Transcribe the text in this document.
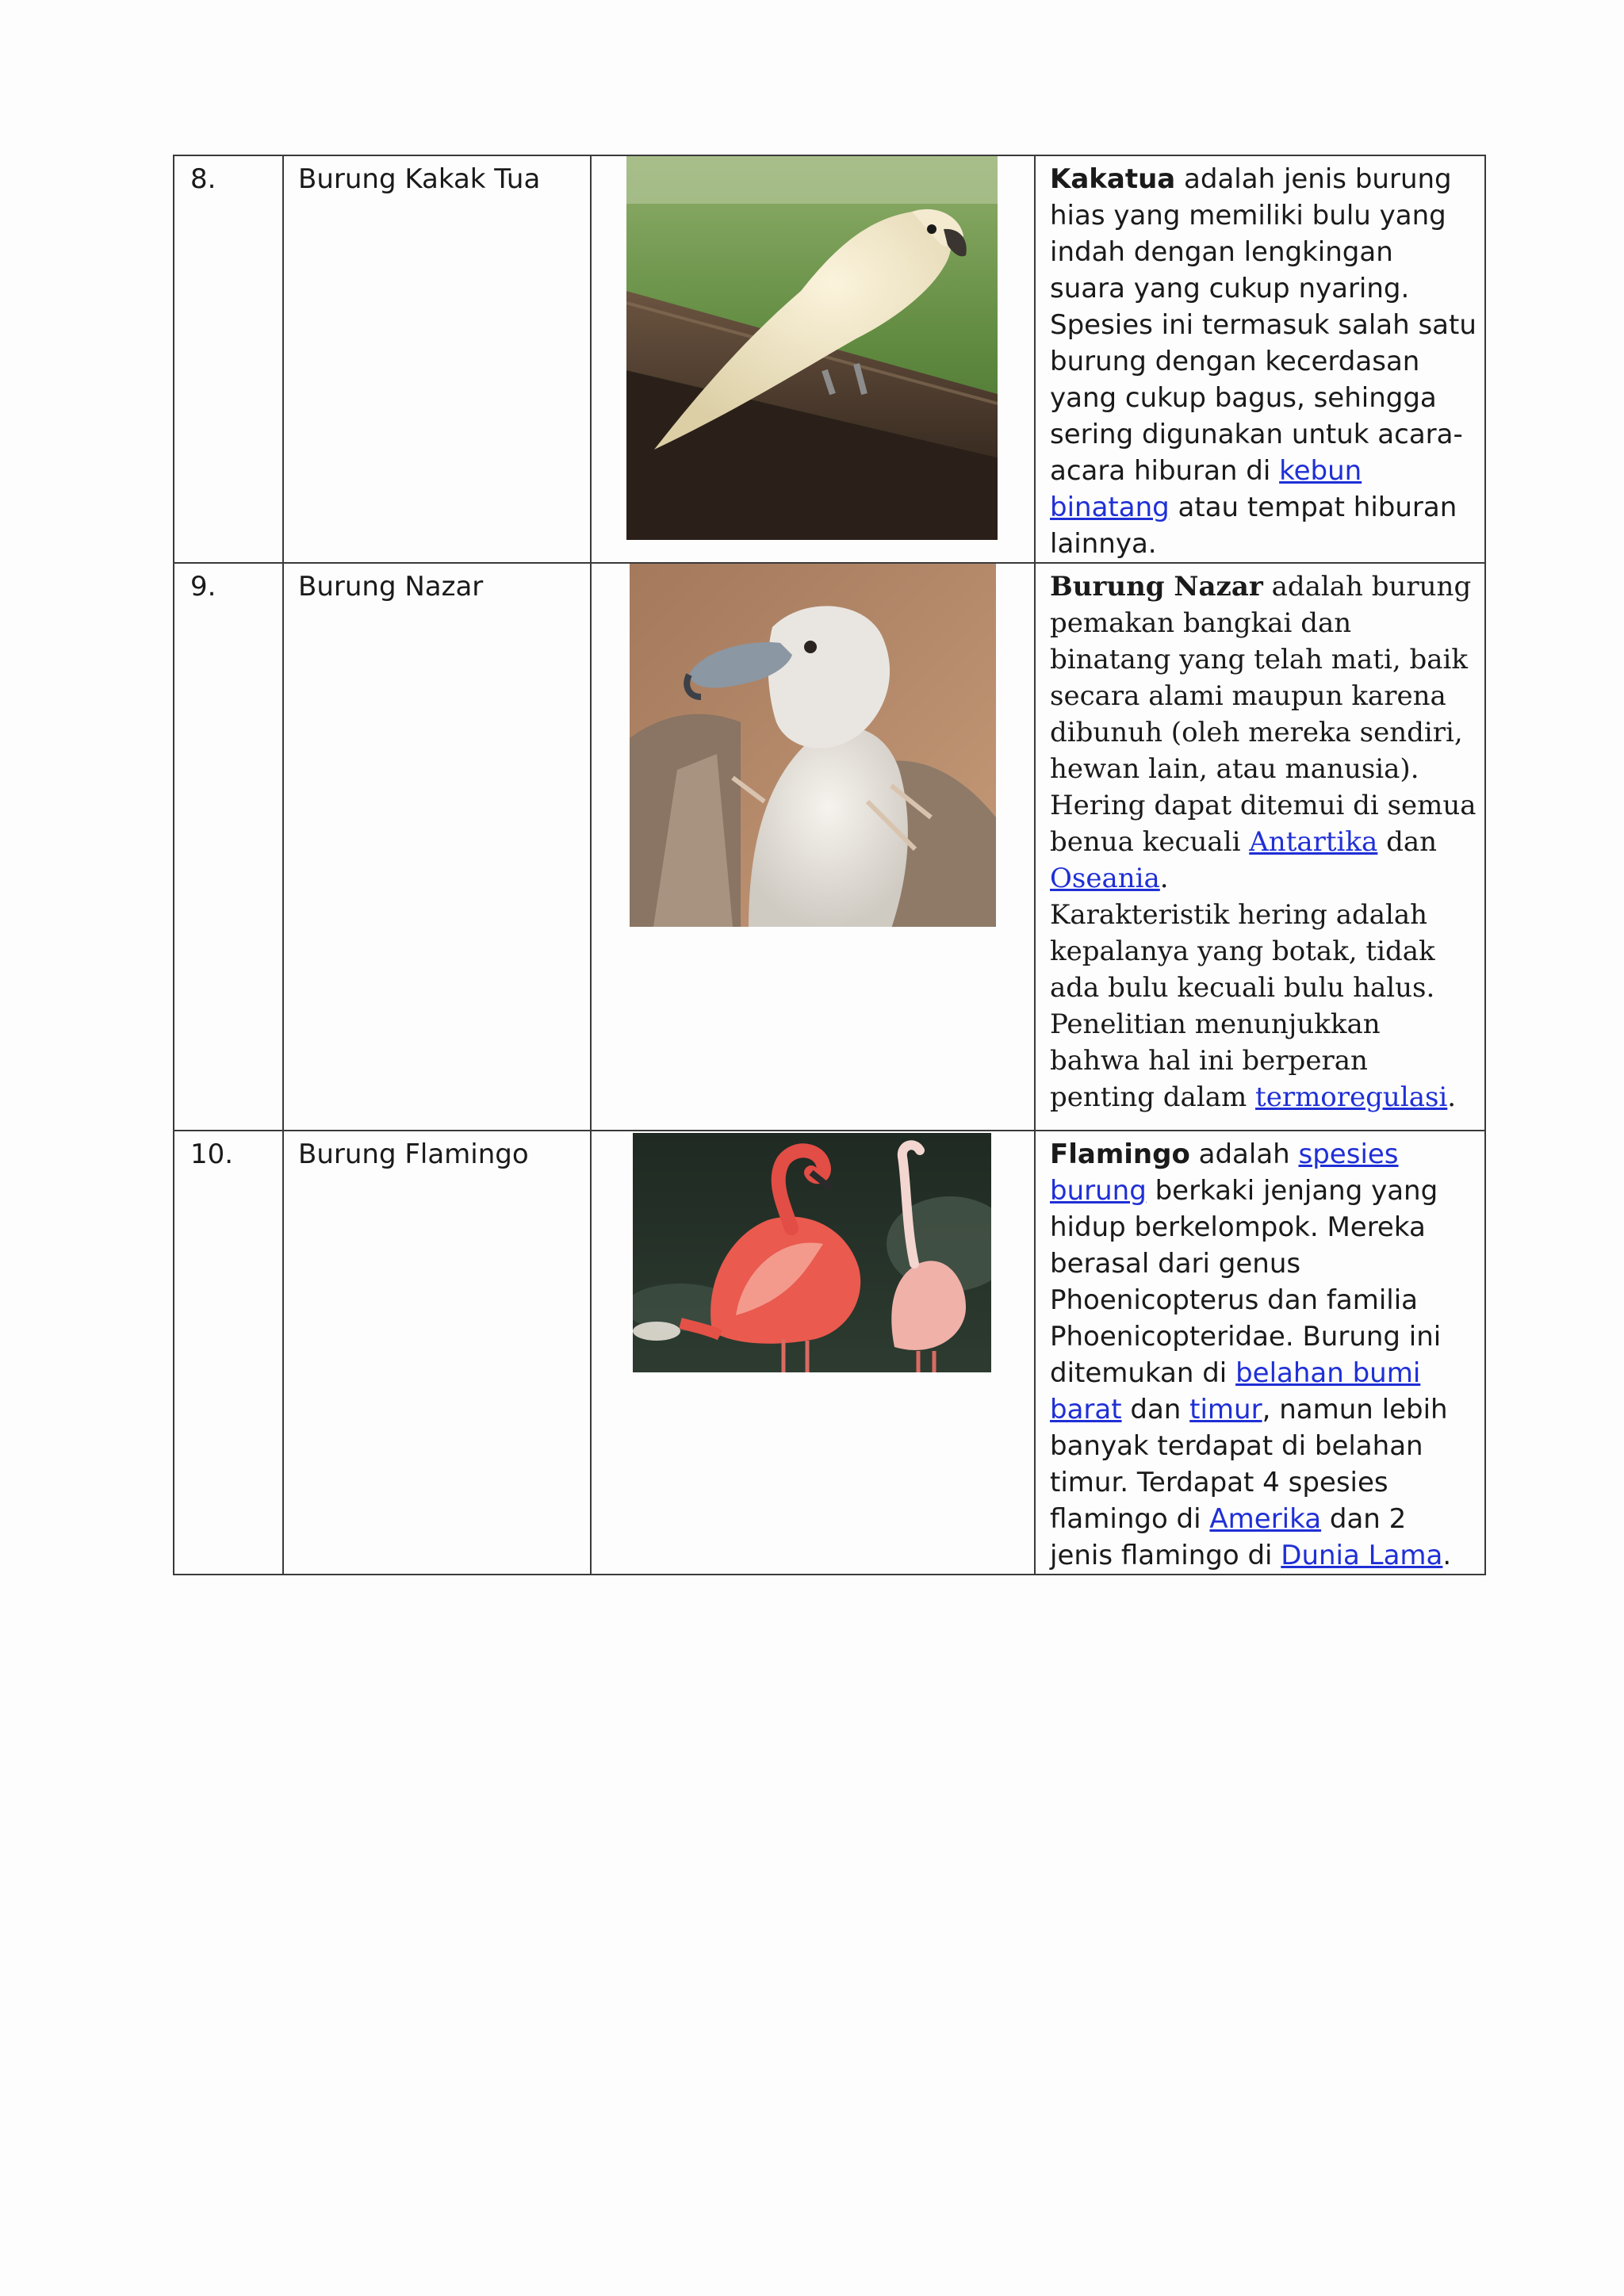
8.	Burung Kakak Tua		Kakatua adalah jenis burung hias yang memiliki bulu yang indah dengan lengkingan suara yang cukup nyaring. Spesies ini termasuk salah satu burung dengan kecerdasan yang cukup bagus, sehingga sering digunakan untuk acara-acara hiburan di kebun binatang atau tempat hiburan lainnya.
9.	Burung Nazar		Burung Nazar adalah burung pemakan bangkai dan binatang yang telah mati, baik secara alami maupun karena dibunuh (oleh mereka sendiri, hewan lain, atau manusia). Hering dapat ditemui di semua benua kecuali Antartika dan Oseania.
Karakteristik hering adalah kepalanya yang botak, tidak ada bulu kecuali bulu halus. Penelitian menunjukkan bahwa hal ini berperan penting dalam termoregulasi.
10.	Burung Flamingo		Flamingo adalah spesies burung berkaki jenjang yang hidup berkelompok. Mereka berasal dari genus Phoenicopterus dan familia Phoenicopteridae. Burung ini ditemukan di belahan bumi barat dan timur, namun lebih banyak terdapat di belahan timur. Terdapat 4 spesies flamingo di Amerika dan 2 jenis flamingo di Dunia Lama.
